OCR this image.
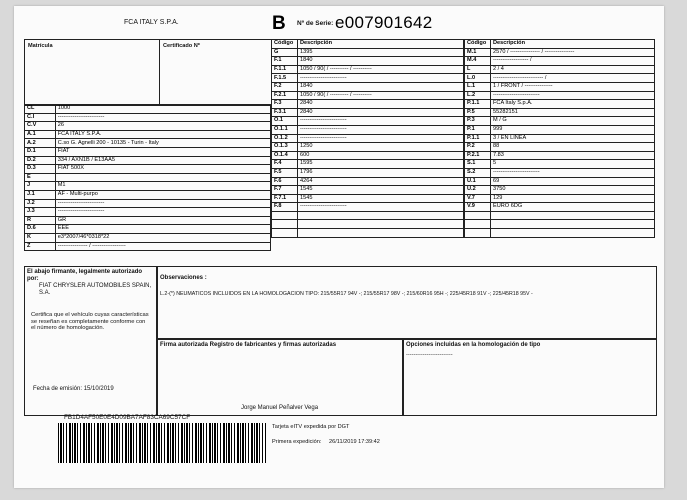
FCA ITALY S.P.A.	B Nº de Serie: e007901642
Matrícula	Certificado Nº
CL	1000
C.I	-------------------------
C.V	26
A.1	FCA ITALY S.P.A.
A.2	C.so G. Agnelli 200 - 10135 - Turin - Italy
D.1	FIAT
D.2	334 / AXN1B / E13AA5
D.3	FIAT 500X
E	
J	M1
J.1	AF - Multi-purpo
J.2	-------------------------
J.3	-------------------------
R	GR
D.6	EEE
K	e3*2007/46*0318*22
Z	---------------- / ------------------
Código	Descripción
G	1395
F.1	1840
F.1.1	1050 / 90( / ---------- / ----------
F.1.5	-------------------------
F.2	1840
F.2.1	1050 / 90( / ---------- / ----------
F.3	2840
F.3.1	2840
O.1	-------------------------
O.1.1	-------------------------
O.1.2	-------------------------
O.1.3	1250
O.1.4	600
F.4	1595
F.5	1796
F.6	4264
F.7	1545
F.7.1	1545
F.8	-------------------------

Código	Descripción
M.1	2570 / ---------------- / ----------------
M.4	------------------- /
L	2 / 4
L.0	--------------------------- /
L.1	1 / FRONT / ---------------
L.2	-------------------------
P.1.1	FCA Italy S.p.A.
P.5	55282151
P.3	M / G
P.1	999
P.1.1	3 / EN LINEA
P.2	88
P.2.1	7.83
S.1	5
S.2	-------------------------
U.1	69
U.2	3750
V.7	129
V.9	EURO 6DG

El abajo firmante, legalmente autorizado por:
FIAT CHRYSLER AUTOMOBILES SPAIN, S.A.
Certifica que el vehículo cuyas características se reseñan es completamente conforme con el número de homologación.
Fecha de emisión: 15/10/2019
Observaciones :
L.2-(*) NEUMATICOS INCLUIDOS EN LA HOMOLOGACION TIPO: 215/55R17 94V -; 215/55R17 98V -; 215/60R16 95H -; 225/45R18 91V -; 225/45R18 95V -
Firma autorizada Registro de fabricantes y firmas autorizadas
Jorge Manuel Peñalver Vega
Opciones incluidas en la homologación de tipo
-------------------------
FB1D4AF50E0E4D09BA7AF83CA69C57CF
Tarjeta eITV expedida por DGT
Primera expedición: 26/11/2019 17:39:42
